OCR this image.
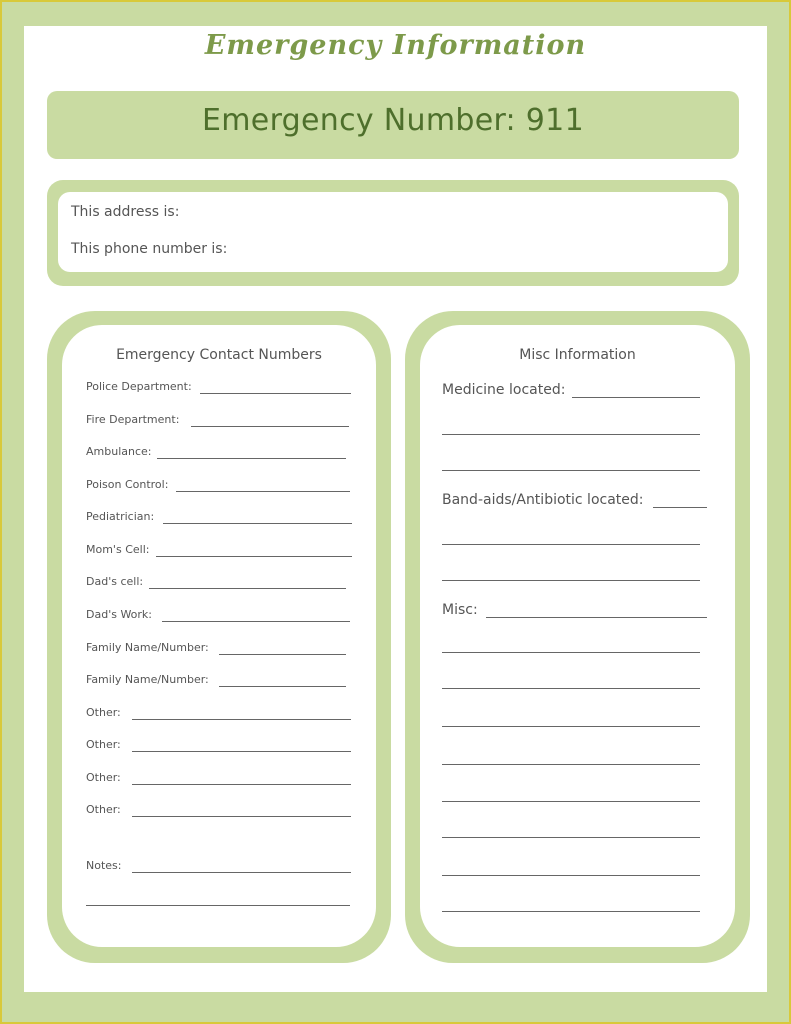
Emergency Information
Emergency Number: 911
This address is:
This phone number is:
Emergency Contact Numbers
Police Department:
Fire Department:
Ambulance:
Poison Control:
Pediatrician:
Mom's Cell:
Dad's cell:
Dad's Work:
Family Name/Number:
Family Name/Number:
Other:
Other:
Other:
Other:
Notes:
Misc Information
Medicine located:
Band-aids/Antibiotic located:
Misc:
